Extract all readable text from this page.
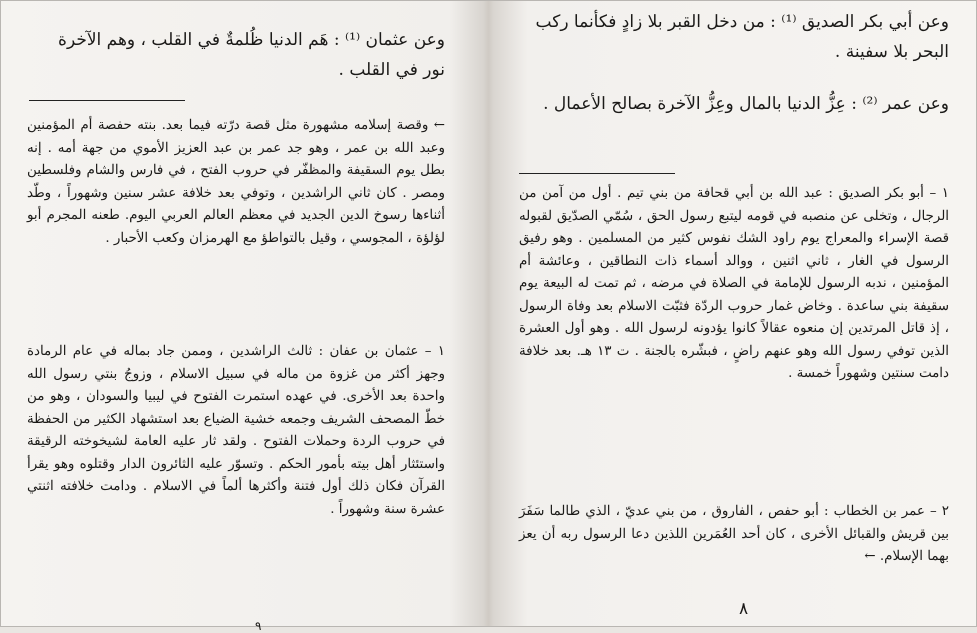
وعن عثمان ⁽¹⁾ : هَم الدنيا ظُلمةٌ في القلب ، وهم الآخرة نور في القلب .

← وقصة إسلامه مشهورة مثل قصة درّته فيما بعد. بنته حفصة أم المؤمنين وعبد الله بن عمر ، وهو جد عمر بن عبد العزيز الأموي من جهة أمه . إنه بطل يوم السقيفة والمظفّر في حروب الفتح ، في فارس والشام وفلسطين ومصر . كان ثاني الراشدين ، وتوفي بعد خلافة عشر سنين وشهوراً ، وطّد أثناءها رسوخ الدين الجديد في معظم العالم العربي اليوم. طعنه المجرم أبو لؤلؤة ، المجوسي ، وقيل بالتواطؤ مع الهرمزان وكعب الأحبار .

١ – عثمان بن عفان : ثالث الراشدين ، وممن جاد بماله في عام الرمادة وجهز أكثر من غزوة من ماله في سبيل الاسلام ، وزوجُ بنتي رسول الله واحدة بعد الأخرى. في عهده استمرت الفتوح في ليبيا والسودان ، وهو من خطّ المصحف الشريف وجمعه خشية الضياع بعد استشهاد الكثير من الحفظة في حروب الردة وحملات الفتوح . ولقد ثار عليه العامة لشيخوخته الرقيقة واستئثار أهل بيته بأمور الحكم . وتسوّر عليه الثائرون الدار وقتلوه وهو يقرأ القرآن فكان ذلك أول فتنة وأكثرها ألماً في الاسلام . ودامت خلافته اثنتي عشرة سنة وشهوراً .

٩

وعن أبي بكر الصديق ⁽¹⁾ : من دخل القبر بلا زادٍ فكأنما ركب البحر بلا سفينة .

وعن عمر ⁽²⁾ : عِزُّ الدنيا بالمال وعِزُّ الآخرة بصالح الأعمال .

١ – أبو بكر الصديق : عبد الله بن أبي قحافة من بني تيم . أول من آمن من الرجال ، وتخلى عن منصبه في قومه ليتبع رسول الحق ، سُمّي الصدّيق لقبوله قصة الإسراء والمعراج يوم راود الشك نفوس كثير من المسلمين . وهو رفيق الرسول في الغار ، ثاني اثنين ، ووالد أسماء ذات النطاقين ، وعائشة أم المؤمنين ، ندبه الرسول للإمامة في الصلاة في مرضه ، ثم تمت له البيعة يوم سقيفة بني ساعدة . وخاض غمار حروب الردّة فثبّت الاسلام بعد وفاة الرسول ، إذ قاتل المرتدين إن منعوه عقالاً كانوا يؤدونه لرسول الله . وهو أول العشرة الذين توفي رسول الله وهو عنهم راضٍ ، فبشّره بالجنة . ت ١٣ هـ. بعد خلافة دامت سنتين وشهوراً خمسة .

٢ – عمر بن الخطاب : أبو حفص ، الفاروق ، من بني عديّ ، الذي طالما سَفَرَ بين قريش والقبائل الأخرى ، كان أحد العُمَرين اللذين دعا الرسول ربه أن يعز بهما الإسلام. ←

٨
